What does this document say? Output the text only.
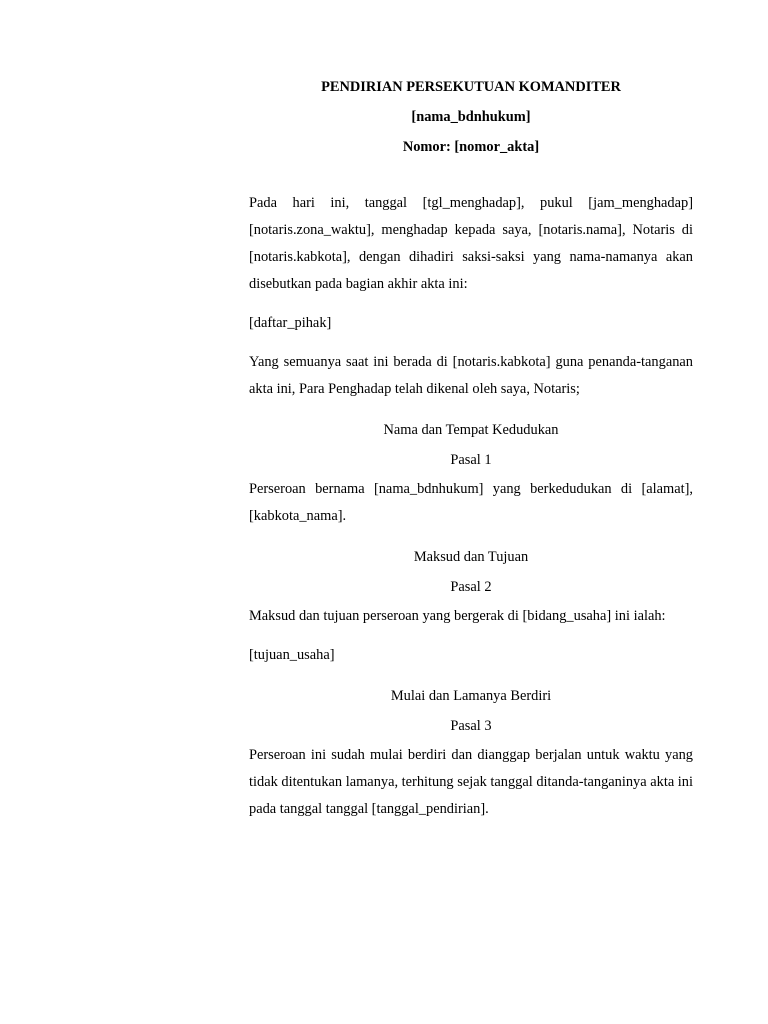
PENDIRIAN PERSEKUTUAN KOMANDITER

[nama_bdnhukum]

Nomor: [nomor_akta]

Pada hari ini, tanggal [tgl_menghadap], pukul [jam_menghadap] [notaris.zona_waktu], menghadap kepada saya, [notaris.nama], Notaris di [notaris.kabkota], dengan dihadiri saksi-saksi yang nama-namanya akan disebutkan pada bagian akhir akta ini:

[daftar_pihak]

Yang semuanya saat ini berada di [notaris.kabkota] guna penanda-tanganan akta ini, Para Penghadap telah dikenal oleh saya, Notaris;

Nama dan Tempat Kedudukan

Pasal 1

Perseroan bernama [nama_bdnhukum] yang berkedudukan di [alamat], [kabkota_nama].

Maksud dan Tujuan

Pasal 2

Maksud dan tujuan perseroan yang bergerak di [bidang_usaha] ini ialah:

[tujuan_usaha]

Mulai dan Lamanya Berdiri

Pasal 3

Perseroan ini sudah mulai berdiri dan dianggap berjalan untuk waktu yang tidak ditentukan lamanya, terhitung sejak tanggal ditanda-tanganinya akta ini pada tanggal tanggal [tanggal_pendirian].
